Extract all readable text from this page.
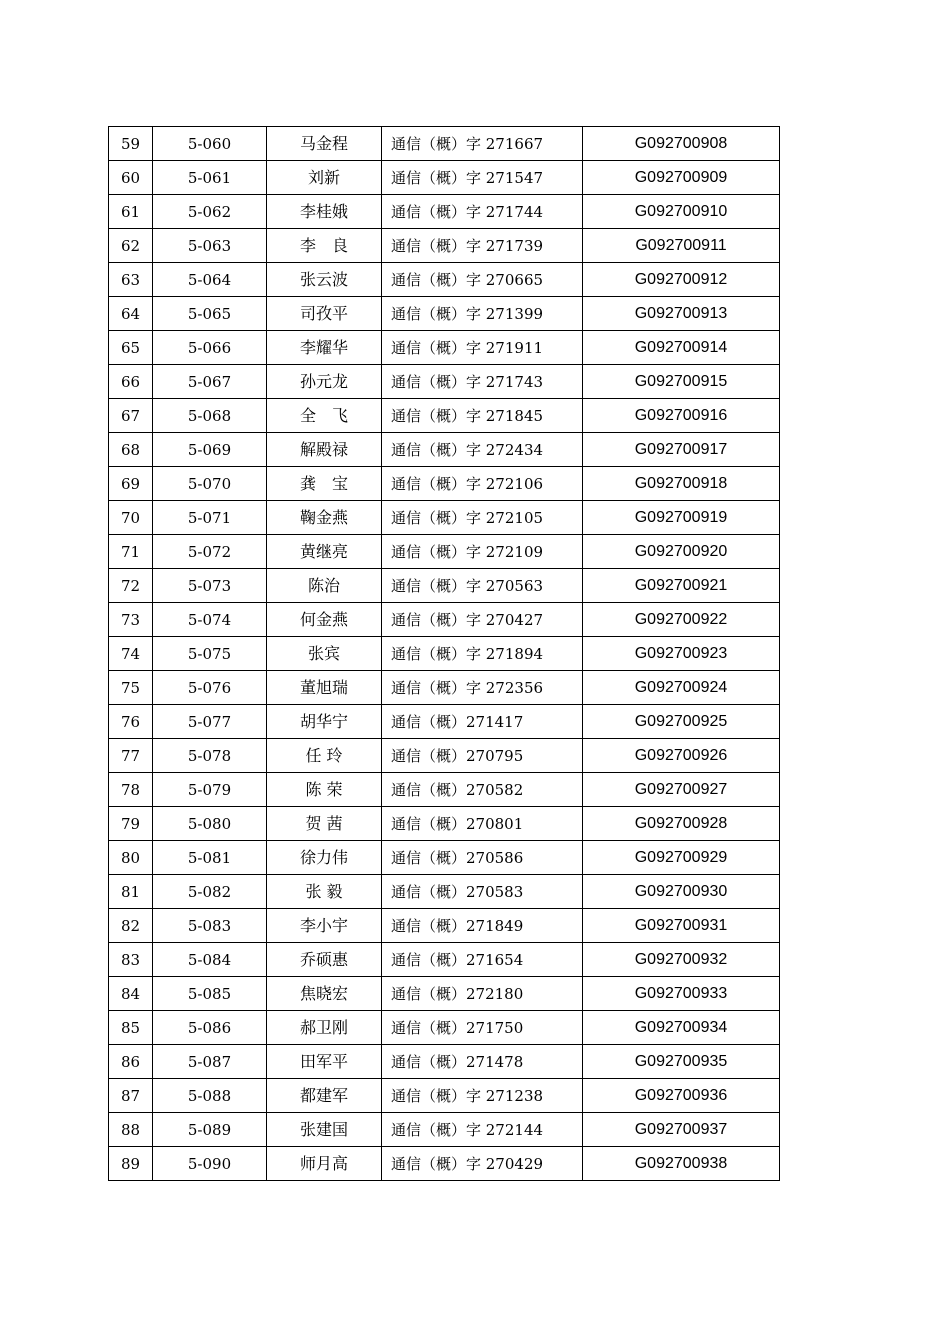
59	5-060	马金程	通信（概）字 271667	G092700908
60	5-061	刘新	通信（概）字 271547	G092700909
61	5-062	李桂娥	通信（概）字 271744	G092700910
62	5-063	李　良	通信（概）字 271739	G092700911
63	5-064	张云波	通信（概）字 270665	G092700912
64	5-065	司孜平	通信（概）字 271399	G092700913
65	5-066	李耀华	通信（概）字 271911	G092700914
66	5-067	孙元龙	通信（概）字 271743	G092700915
67	5-068	全　飞	通信（概）字 271845	G092700916
68	5-069	解殿禄	通信（概）字 272434	G092700917
69	5-070	龚　宝	通信（概）字 272106	G092700918
70	5-071	鞠金燕	通信（概）字 272105	G092700919
71	5-072	黄继亮	通信（概）字 272109	G092700920
72	5-073	陈治	通信（概）字 270563	G092700921
73	5-074	何金燕	通信（概）字 270427	G092700922
74	5-075	张宾	通信（概）字 271894	G092700923
75	5-076	董旭瑞	通信（概）字 272356	G092700924
76	5-077	胡华宁	通信（概）271417	G092700925
77	5-078	任 玲	通信（概）270795	G092700926
78	5-079	陈 荣	通信（概）270582	G092700927
79	5-080	贺 茜	通信（概）270801	G092700928
80	5-081	徐力伟	通信（概）270586	G092700929
81	5-082	张 毅	通信（概）270583	G092700930
82	5-083	李小宇	通信（概）271849	G092700931
83	5-084	乔硕惠	通信（概）271654	G092700932
84	5-085	焦晓宏	通信（概）272180	G092700933
85	5-086	郝卫刚	通信（概）271750	G092700934
86	5-087	田军平	通信（概）271478	G092700935
87	5-088	都建军	通信（概）字 271238	G092700936
88	5-089	张建国	通信（概）字 272144	G092700937
89	5-090	师月高	通信（概）字 270429	G092700938
